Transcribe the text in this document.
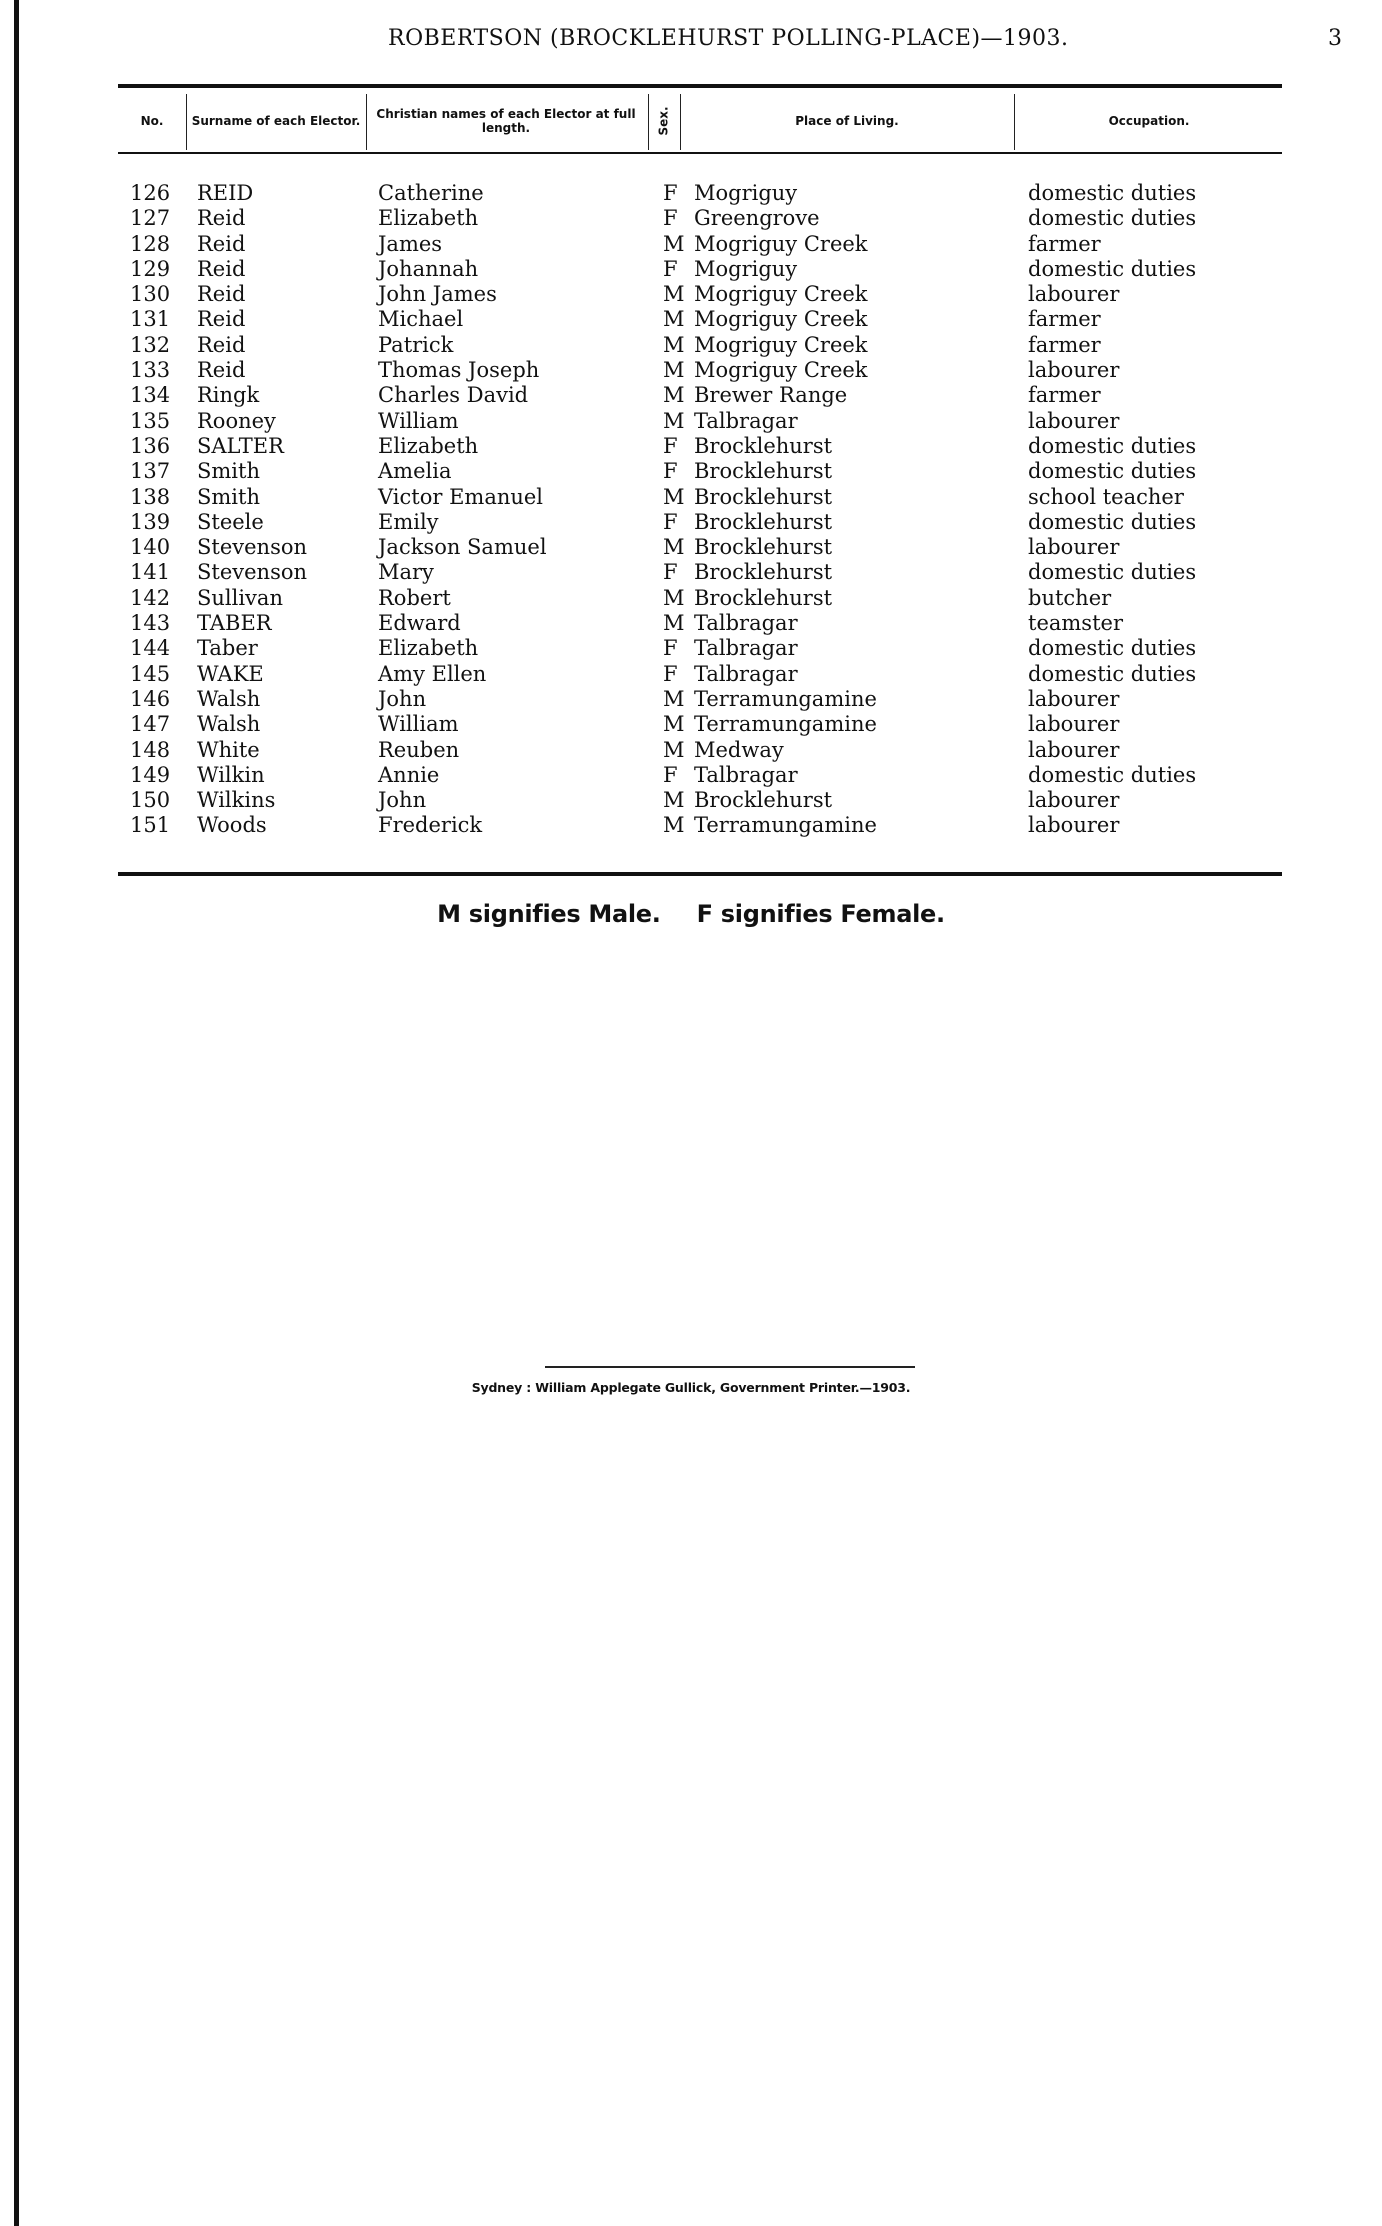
ROBERTSON (BROCKLEHURST POLLING-PLACE)—1903.	3
No.	Surname of each Elector.	Christian names of each Elector at full length.	Sex.	Place of Living.	Occupation.
126 REID	Catherine	F Mogriguy	domestic duties
127 Reid	Elizabeth	F Greengrove	domestic duties
128 Reid	James	M Mogriguy Creek	farmer
129 Reid	Johannah	F Mogriguy	domestic duties
130 Reid	John James	M Mogriguy Creek	labourer
131 Reid	Michael	M Mogriguy Creek	farmer
132 Reid	Patrick	M Mogriguy Creek	farmer
133 Reid	Thomas Joseph	M Mogriguy Creek	labourer
134 Ringk	Charles David	M Brewer Range	farmer
135 Rooney	William	M Talbragar	labourer
136 SALTER	Elizabeth	F Brocklehurst	domestic duties
137 Smith	Amelia	F Brocklehurst	domestic duties
138 Smith	Victor Emanuel	M Brocklehurst	school teacher
139 Steele	Emily	F Brocklehurst	domestic duties
140 Stevenson	Jackson Samuel	M Brocklehurst	labourer
141 Stevenson	Mary	F Brocklehurst	domestic duties
142 Sullivan	Robert	M Brocklehurst	butcher
143 TABER	Edward	M Talbragar	teamster
144 Taber	Elizabeth	F Talbragar	domestic duties
145 WAKE	Amy Ellen	F Talbragar	domestic duties
146 Walsh	John	M Terramungamine	labourer
147 Walsh	William	M Terramungamine	labourer
148 White	Reuben	M Medway	labourer
149 Wilkin	Annie	F Talbragar	domestic duties
150 Wilkins	John	M Brocklehurst	labourer
151 Woods	Frederick	M Terramungamine	labourer
M signifies Male. F signifies Female.
Sydney : William Applegate Gullick, Government Printer.—1903.
